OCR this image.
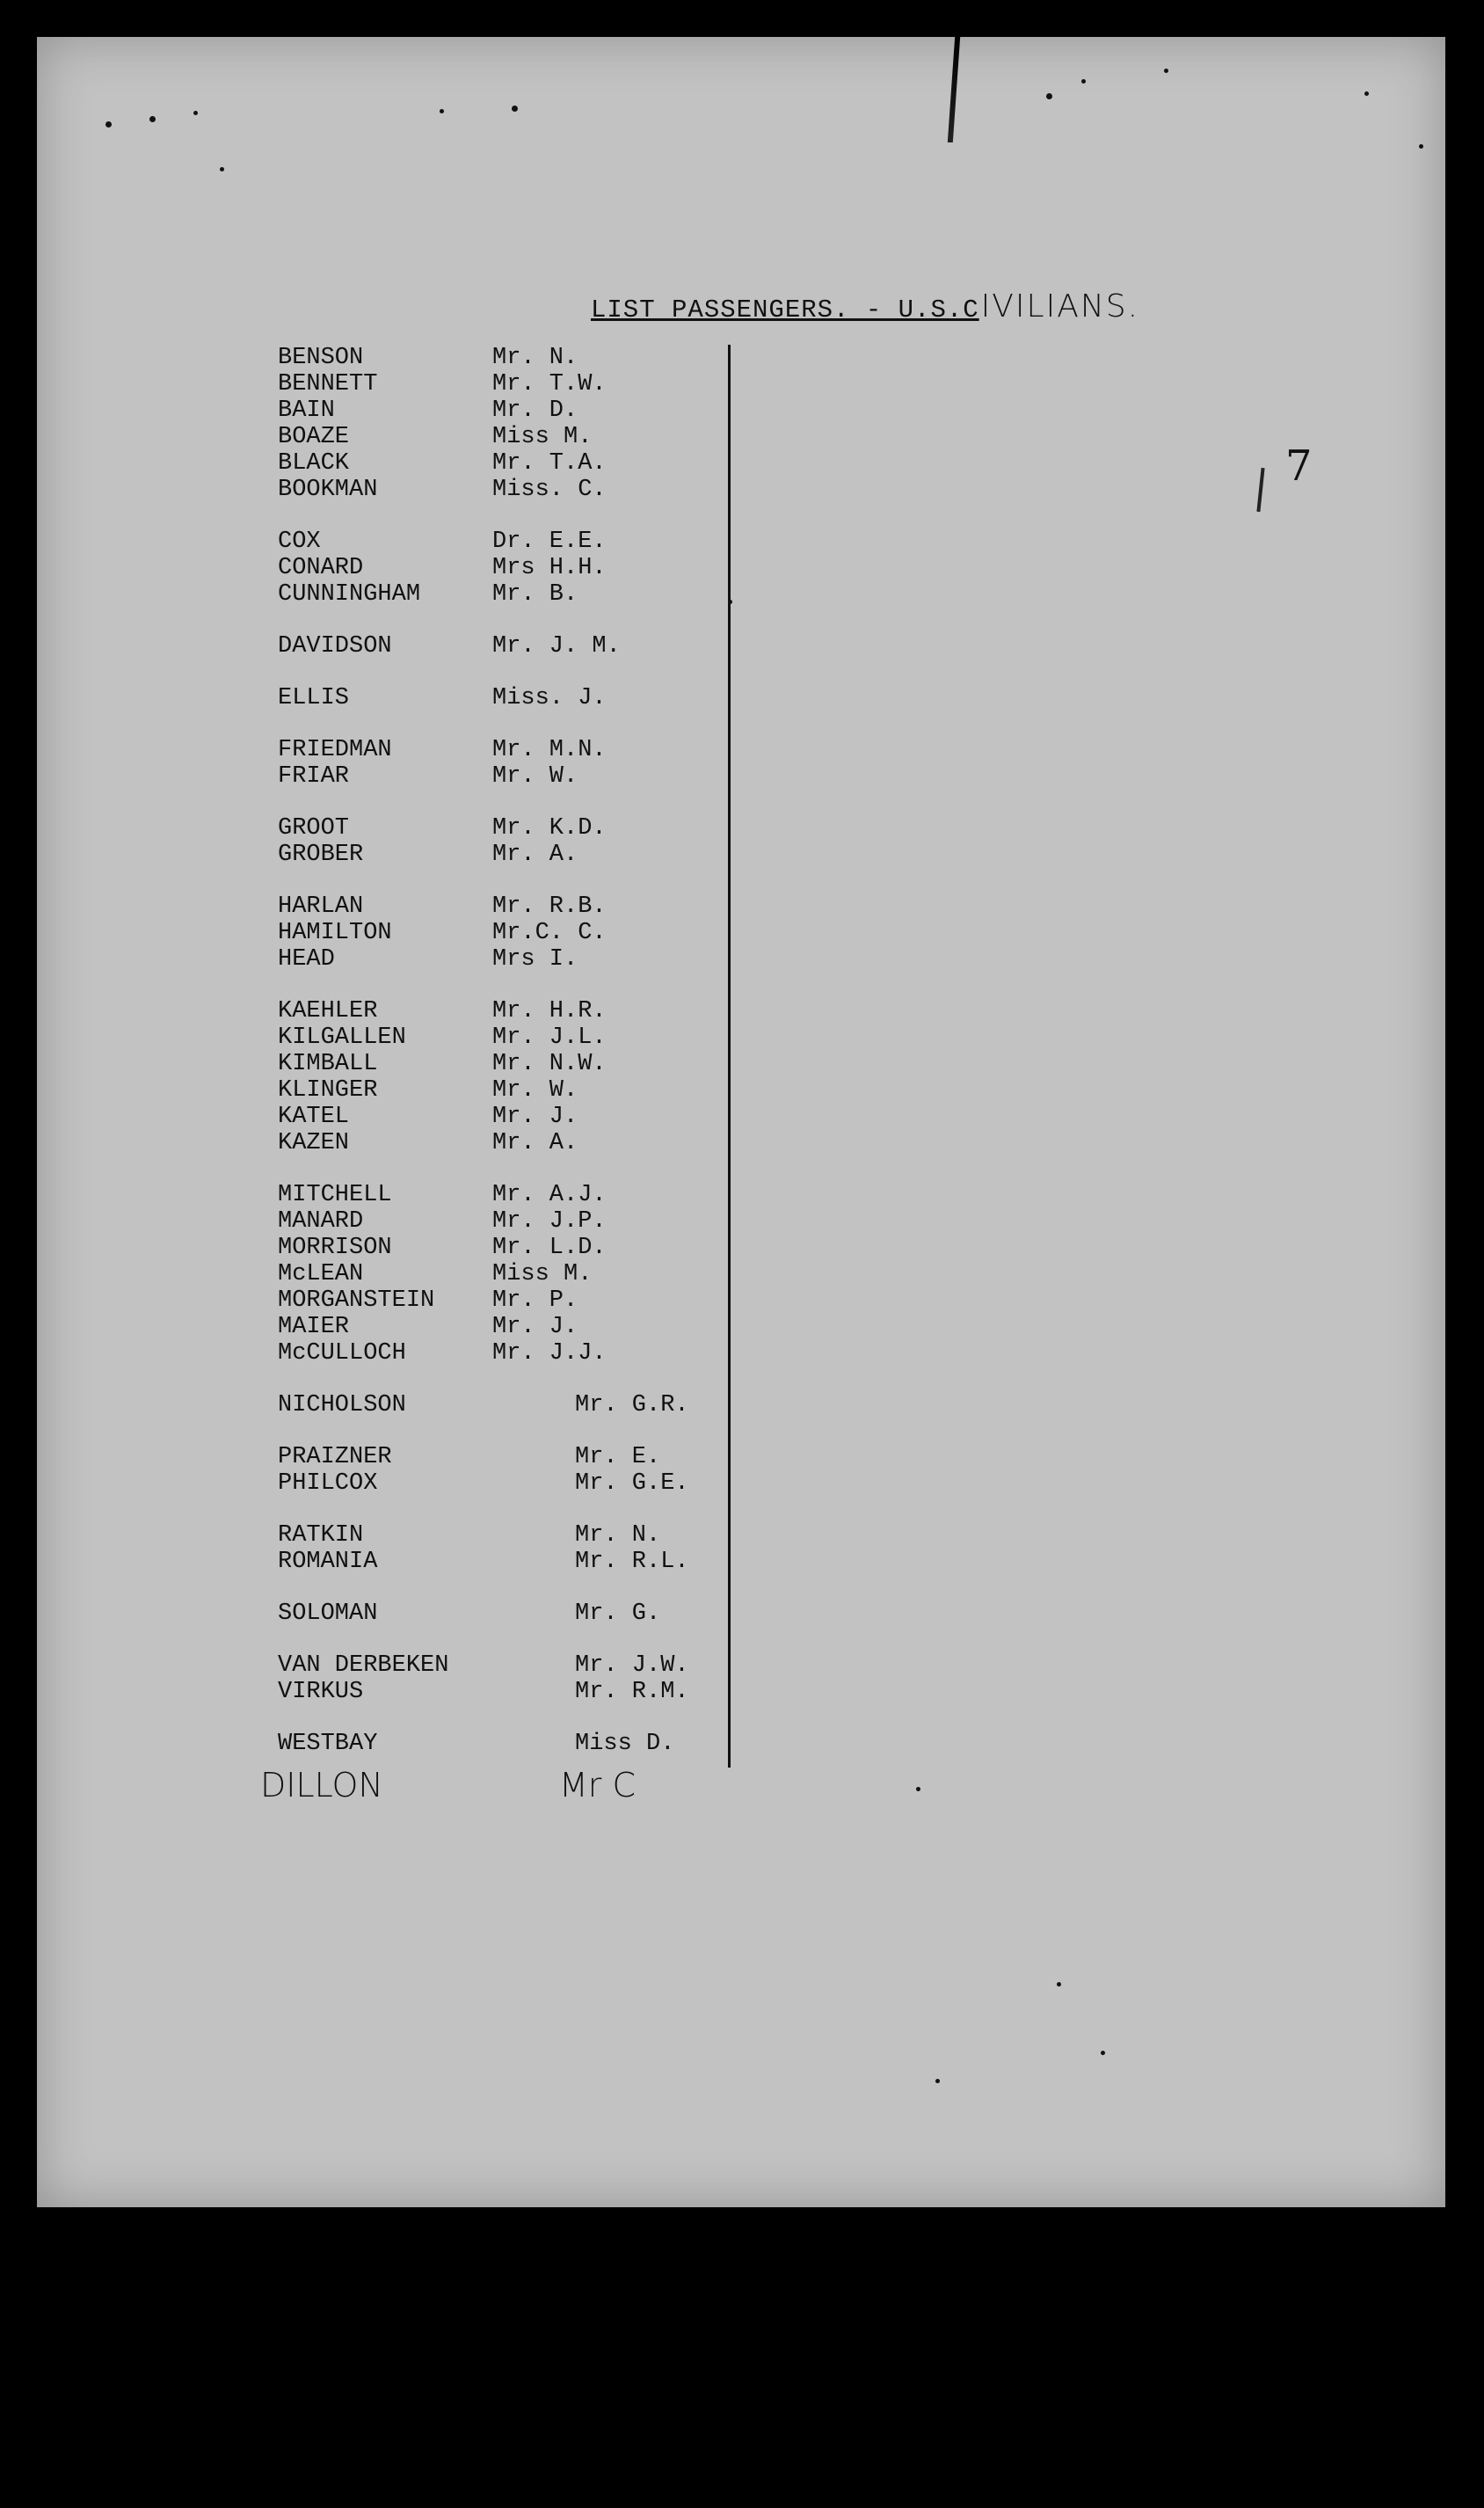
LIST PASSENGERS. - U.S.CIVILIANS.
7
BENSON	Mr. N.
BENNETT	Mr. T.W.
BAIN	Mr. D.
BOAZE	Miss M.
BLACK	Mr. T.A.
BOOKMAN	Miss. C.
COX	Dr. E.E.
CONARD	Mrs H.H.
CUNNINGHAM	Mr. B.
DAVIDSON	Mr. J. M.
ELLIS	Miss. J.
FRIEDMAN	Mr. M.N.
FRIAR	Mr. W.
GROOT	Mr. K.D.
GROBER	Mr. A.
HARLAN	Mr. R.B.
HAMILTON	Mr.C. C.
HEAD	Mrs I.
KAEHLER	Mr. H.R.
KILGALLEN	Mr. J.L.
KIMBALL	Mr. N.W.
KLINGER	Mr. W.
KATEL	Mr. J.
KAZEN	Mr. A.
MITCHELL	Mr. A.J.
MANARD	Mr. J.P.
MORRISON	Mr. L.D.
McLEAN	Miss M.
MORGANSTEIN Mr. P.
MAIER	Mr. J.
McCULLOCH	Mr. J.J.
NICHOLSON	Mr. G.R.
PRAIZNER	Mr. E.
PHILCOX	Mr. G.E.
RATKIN	Mr. N.
ROMANIA	Mr. R.L.
SOLOMAN	Mr. G.
VAN DERBEKEN	Mr. J.W.
VIRKUS	Mr. R.M.
WESTBAY	Miss D.
DILLON	Mr C
